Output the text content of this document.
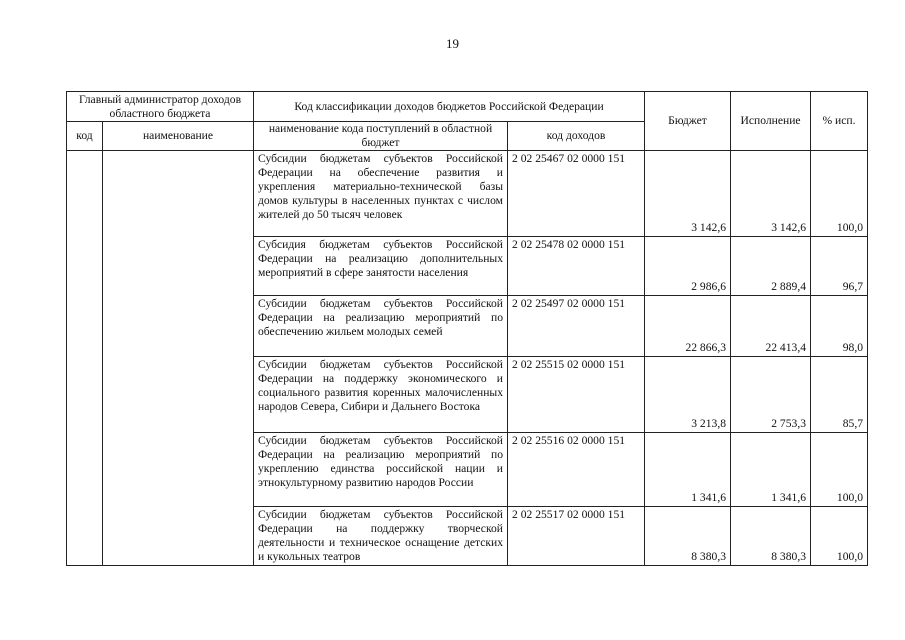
19
Главный администратор доходов областного бюджета		Код классификации доходов бюджетов Российской Федерации		Бюджет	Исполнение	% исп.
код	наименование	наименование кода поступлений в областной бюджет	код доходов			
		Субсидии бюджетам субъектов Российской Федерации на обеспечение развития и укрепления материально-технической базы домов культуры в населенных пунктах с числом жителей до 50 тысяч человек	2 02 25467 02 0000 151	3 142,6	3 142,6	100,0
		Субсидия бюджетам субъектов Российской Федерации на реализацию дополнительных мероприятий в сфере занятости населения	2 02 25478 02 0000 151	2 986,6	2 889,4	96,7
		Субсидии бюджетам субъектов Российской Федерации на реализацию мероприятий по обеспечению жильем молодых семей	2 02 25497 02 0000 151	22 866,3	22 413,4	98,0
		Субсидии бюджетам субъектов Российской Федерации на поддержку экономического и социального развития коренных малочисленных народов Севера, Сибири и Дальнего Востока	2 02 25515 02 0000 151	3 213,8	2 753,3	85,7
		Субсидии бюджетам субъектов Российской Федерации на реализацию мероприятий по укреплению единства российской нации и этнокультурному развитию народов России	2 02 25516 02 0000 151	1 341,6	1 341,6	100,0
		Субсидии бюджетам субъектов Российской Федерации на поддержку творческой деятельности и техническое оснащение детских и кукольных театров	2 02 25517 02 0000 151	8 380,3	8 380,3	100,0
